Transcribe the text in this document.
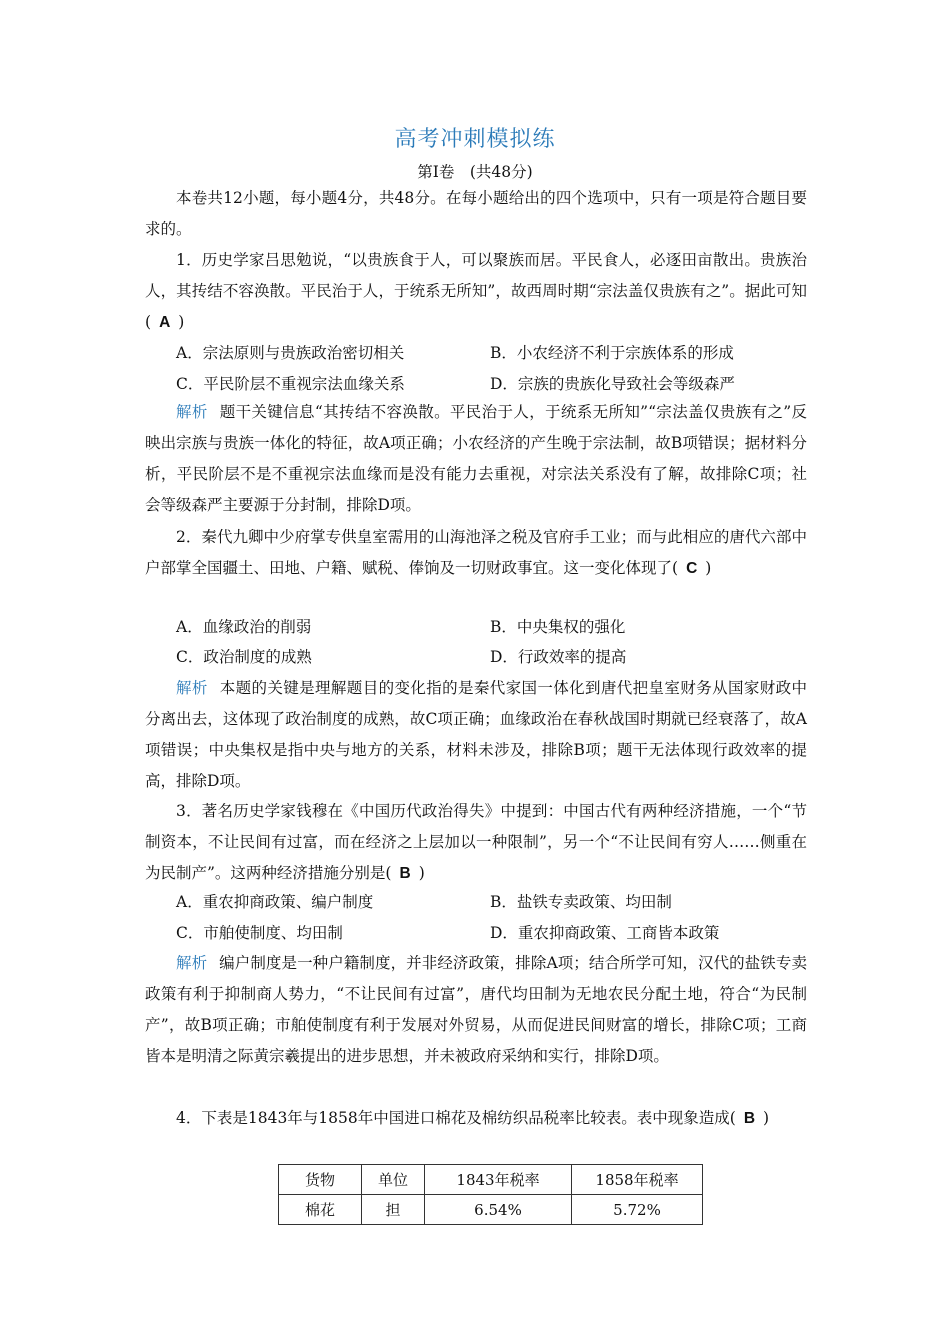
高考冲刺模拟练
第Ⅰ卷　(共48分)

本卷共12小题，每小题4分，共48分。在每小题给出的四个选项中，只有一项是符合题目要求的。

1．历史学家吕思勉说，“以贵族食于人，可以聚族而居。平民食人，必逐田亩散出。贵族治人，其抟结不容涣散。平民治于人，于统系无所知”，故西周时期“宗法盖仅贵族有之”。据此可知( A )

A．宗法原则与贵族政治密切相关	B．小农经济不利于宗族体系的形成
C．平民阶层不重视宗法血缘关系	D．宗族的贵族化导致社会等级森严

解析 题干关键信息“其抟结不容涣散。平民治于人，于统系无所知”“宗法盖仅贵族有之”反映出宗族与贵族一体化的特征，故A项正确；小农经济的产生晚于宗法制，故B项错误；据材料分析，平民阶层不是不重视宗法血缘而是没有能力去重视，对宗法关系没有了解，故排除C项；社会等级森严主要源于分封制，排除D项。

2．秦代九卿中少府掌专供皇室需用的山海池泽之税及官府手工业；而与此相应的唐代六部中户部掌全国疆土、田地、户籍、赋税、俸饷及一切财政事宜。这一变化体现了( C )

A．血缘政治的削弱	B．中央集权的强化
C．政治制度的成熟	D．行政效率的提高

解析 本题的关键是理解题目的变化指的是秦代家国一体化到唐代把皇室财务从国家财政中分离出去，这体现了政治制度的成熟，故C项正确；血缘政治在春秋战国时期就已经衰落了，故A项错误；中央集权是指中央与地方的关系，材料未涉及，排除B项；题干无法体现行政效率的提高，排除D项。

3．著名历史学家钱穆在《中国历代政治得失》中提到：中国古代有两种经济措施，一个“节制资本，不让民间有过富，而在经济之上层加以一种限制”，另一个“不让民间有穷人……侧重在为民制产”。这两种经济措施分别是( B )

A．重农抑商政策、编户制度	B．盐铁专卖政策、均田制
C．市舶使制度、均田制	D．重农抑商政策、工商皆本政策

解析 编户制度是一种户籍制度，并非经济政策，排除A项；结合所学可知，汉代的盐铁专卖政策有利于抑制商人势力，“不让民间有过富”，唐代均田制为无地农民分配土地，符合“为民制产”，故B项正确；市舶使制度有利于发展对外贸易，从而促进民间财富的增长，排除C项；工商皆本是明清之际黄宗羲提出的进步思想，并未被政府采纳和实行，排除D项。

4．下表是1843年与1858年中国进口棉花及棉纺织品税率比较表。表中现象造成( B )

货物	单位	1843年税率	1858年税率
棉花	担	6.54%	5.72%
